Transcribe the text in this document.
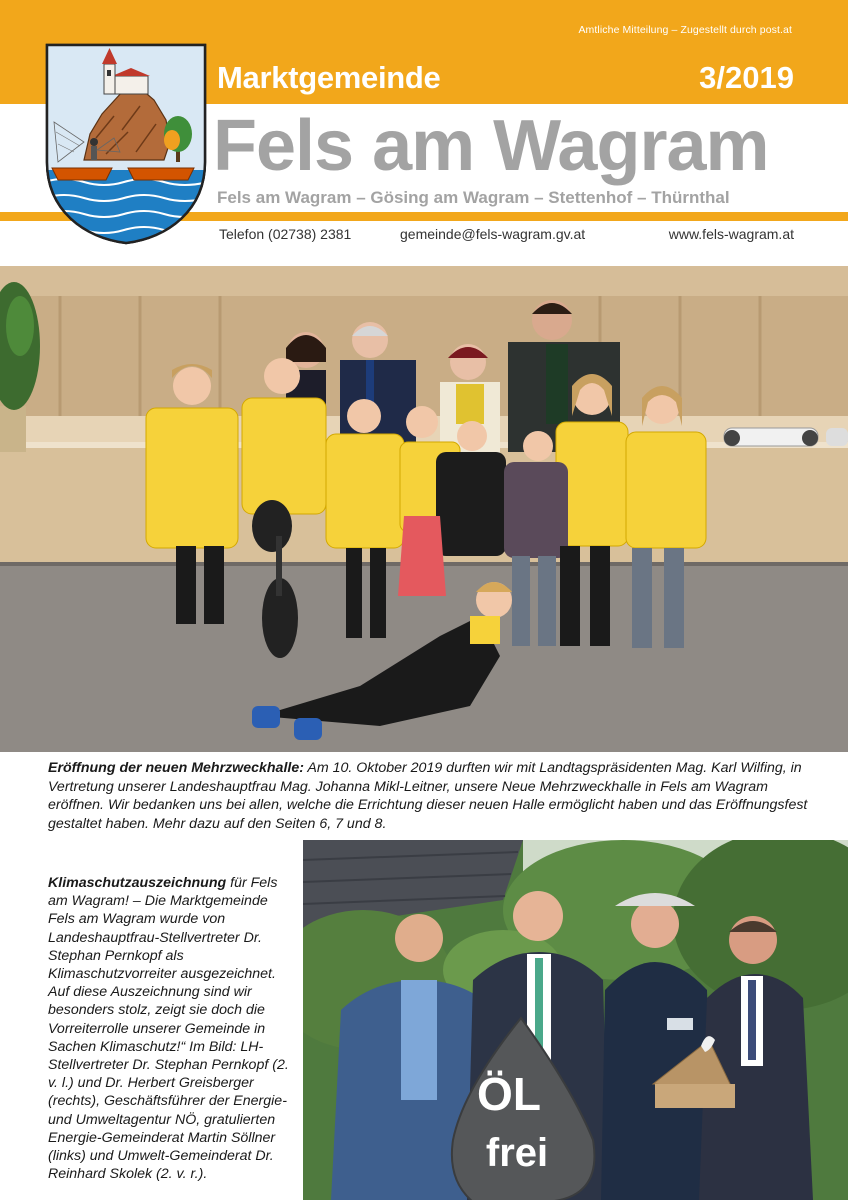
Amtliche Mitteilung – Zugestellt durch post.at
Marktgemeinde	3/2019
Fels am Wagram
Fels am Wagram – Gösing am Wagram – Stettenhof – Thürnthal
Telefon (02738) 2381	gemeinde@fels-wagram.gv.at	www.fels-wagram.at
Eröffnung der neuen Mehrzweckhalle: Am 10. Oktober 2019 durften wir mit Landtagspräsidenten Mag. Karl Wilfing, in Vertretung unserer Landeshauptfrau Mag. Johanna Mikl-Leitner, unsere Neue Mehrzweckhalle in Fels am Wagram eröffnen. Wir bedanken uns bei allen, welche die Errichtung dieser neuen Halle ermöglicht haben und das Eröffnungsfest gestaltet haben. Mehr dazu auf den Seiten 6, 7 und 8.
Klimaschutzauszeichnung für Fels am Wagram! – Die Marktgemeinde Fels am Wagram wurde von Landeshauptfrau-Stellvertreter Dr. Stephan Pernkopf als Klimaschutzvorreiter ausgezeichnet. Auf diese Auszeichnung sind wir besonders stolz, zeigt sie doch die Vorreiterrolle unserer Gemeinde in Sachen Klimaschutz!“ Im Bild: LH-Stellvertreter Dr. Stephan Pernkopf (2. v. l.) und Dr. Herbert Greisberger (rechts), Geschäftsführer der Energie- und Umweltagentur NÖ, gratulierten Energie-Gemeinderat Martin Söllner (links) und Umwelt-Gemeinderat Dr. Reinhard Skolek (2. v. r.).
ÖL
frei
